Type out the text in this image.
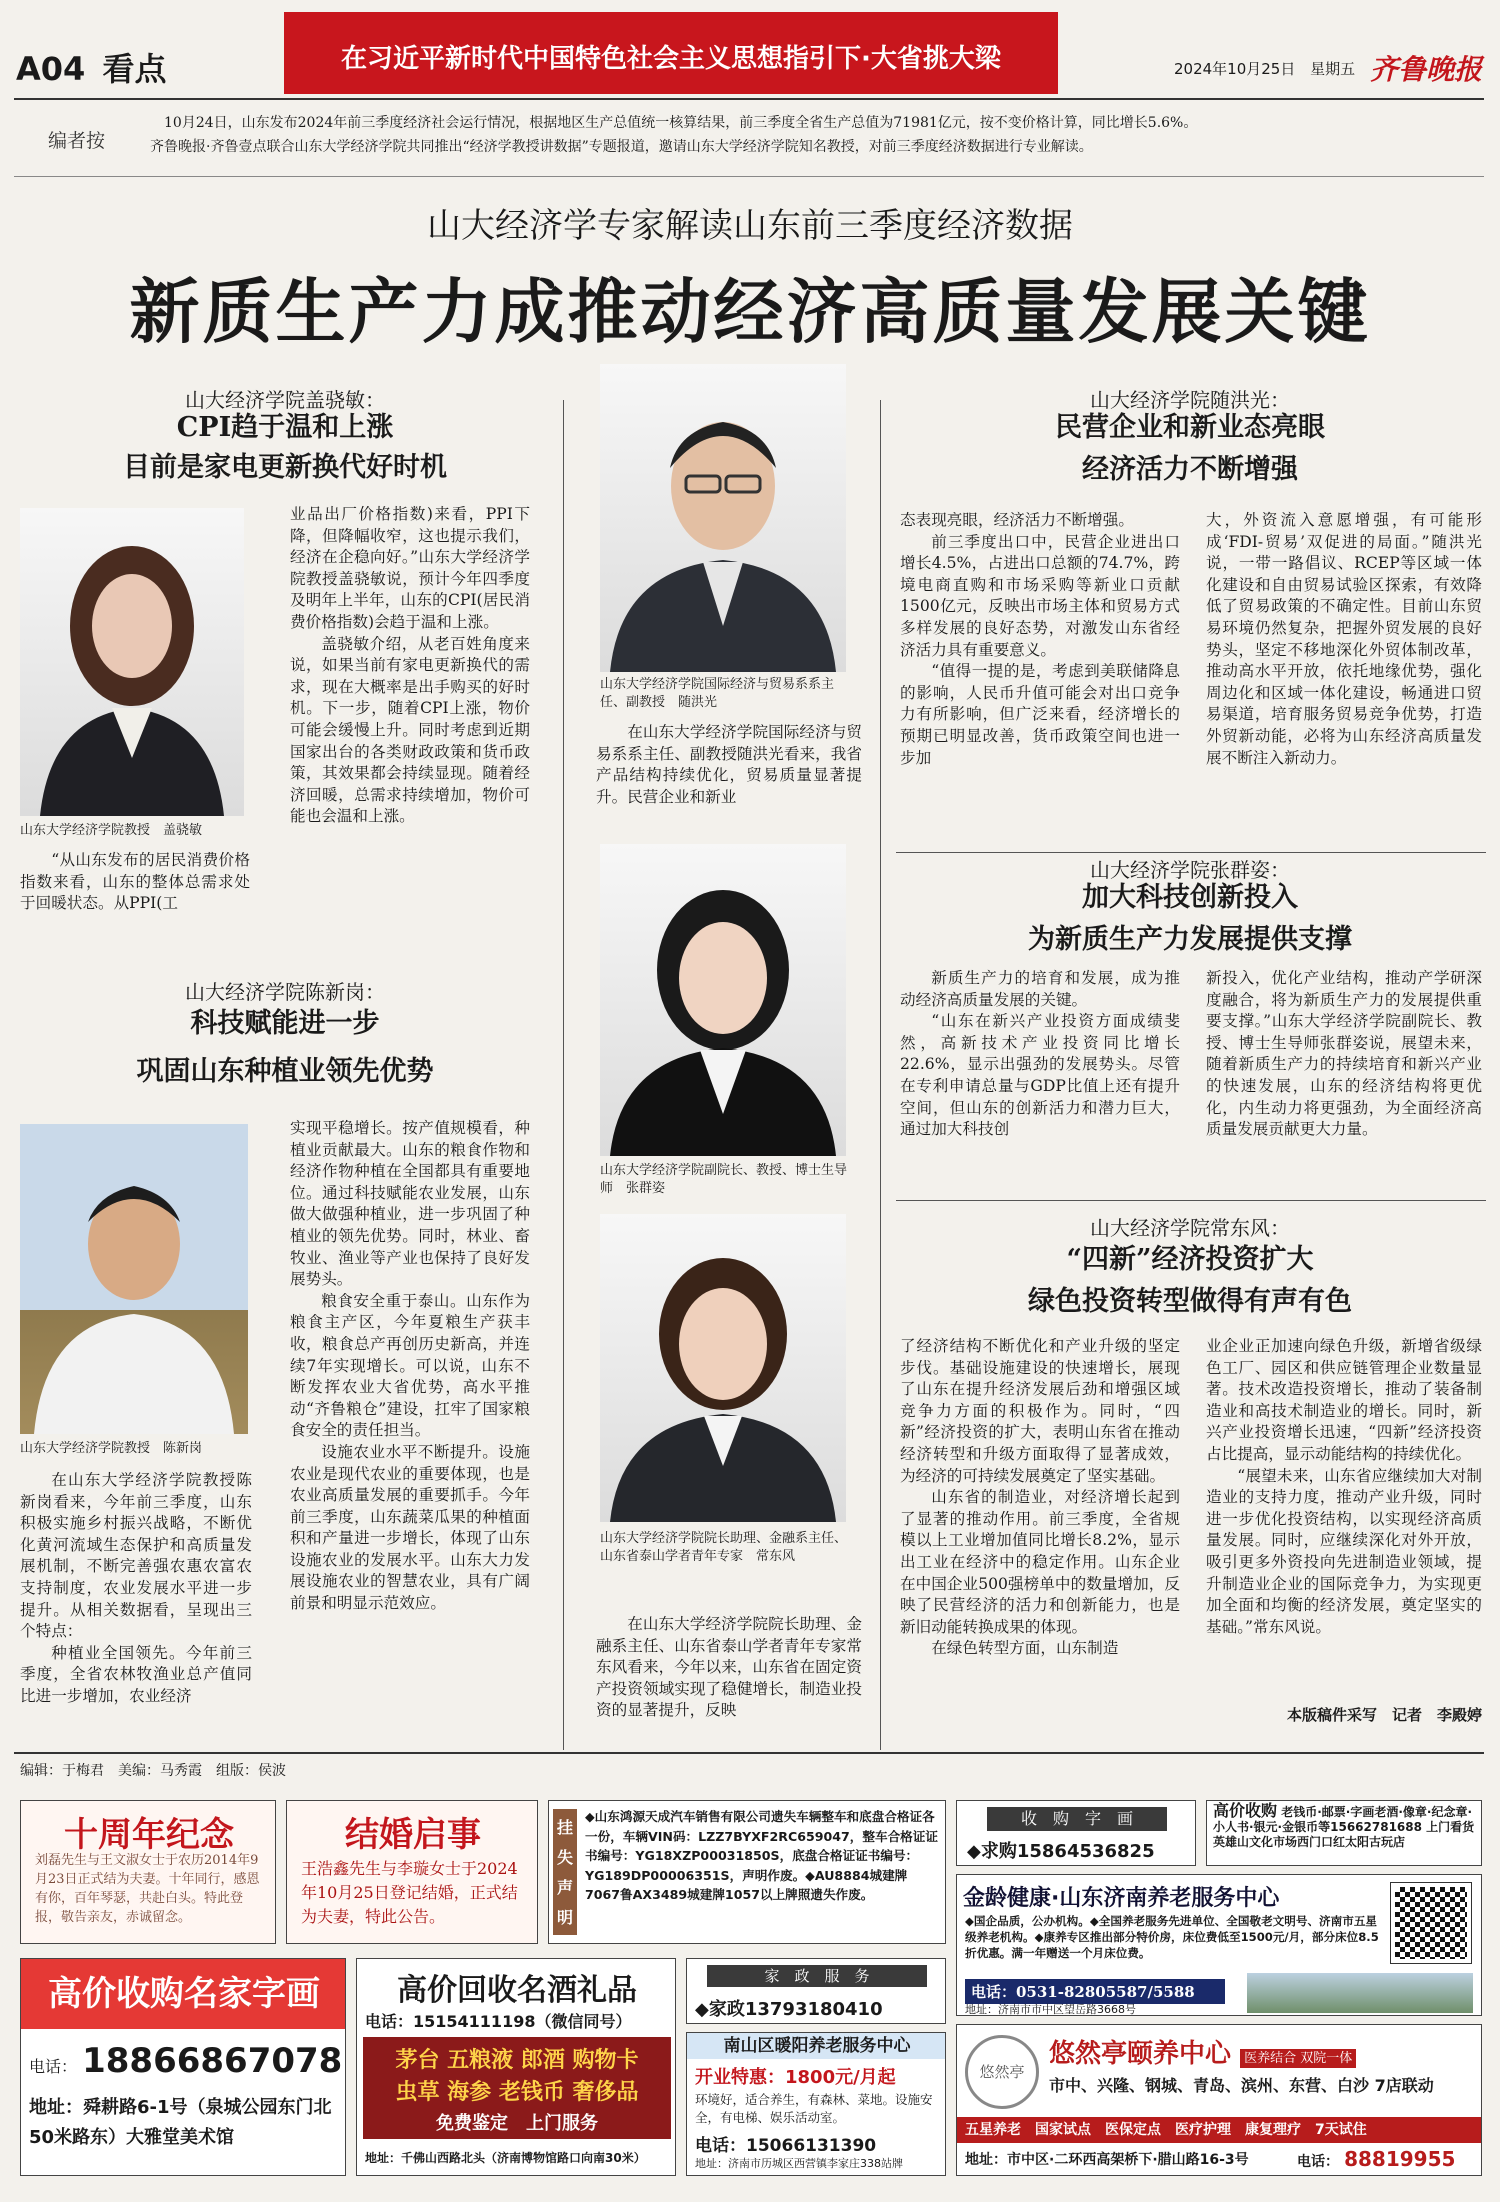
A04 看点	在习近平新时代中国特色社会主义思想指引下·大省挑大梁	2024年10月25日 星期五 齐鲁晚报
编者按
10月24日，山东发布2024年前三季度经济社会运行情况，根据地区生产总值统一核算结果，前三季度全省生产总值为71981亿元，按不变价格计算，同比增长5.6%。
齐鲁晚报·齐鲁壹点联合山东大学经济学院共同推出“经济学教授讲数据”专题报道，邀请山东大学经济学院知名教授，对前三季度经济数据进行专业解读。
山大经济学专家解读山东前三季度经济数据
新质生产力成推动经济高质量发展关键
山大经济学院盖骁敏：
CPI趋于温和上涨
目前是家电更新换代好时机
山东大学经济学院教授　盖骁敏
“从山东发布的居民消费价格指数来看，山东的整体总需求处于回暖状态。从PPI(工

业品出厂价格指数)来看，PPI下降，但降幅收窄，这也提示我们，经济在企稳向好。”山东大学经济学院教授盖骁敏说，预计今年四季度及明年上半年，山东的CPI(居民消费价格指数)会趋于温和上涨。

盖骁敏介绍，从老百姓角度来说，如果当前有家电更新换代的需求，现在大概率是出手购买的好时机。下一步，随着CPI上涨，物价可能会缓慢上升。同时考虑到近期国家出台的各类财政政策和货币政策，其效果都会持续显现。随着经济回暖，总需求持续增加，物价可能也会温和上涨。

山大经济学院陈新岗：
科技赋能进一步
巩固山东种植业领先优势
山东大学经济学院教授　陈新岗

在山东大学经济学院教授陈新岗看来，今年前三季度，山东积极实施乡村振兴战略，不断优化黄河流域生态保护和高质量发展机制，不断完善强农惠农富农支持制度，农业发展水平进一步提升。从相关数据看，呈现出三个特点：

种植业全国领先。今年前三季度，全省农林牧渔业总产值同比进一步增加，农业经济

实现平稳增长。按产值规模看，种植业贡献最大。山东的粮食作物和经济作物种植在全国都具有重要地位。通过科技赋能农业发展，山东做大做强种植业，进一步巩固了种植业的领先优势。同时，林业、畜牧业、渔业等产业也保持了良好发展势头。

粮食安全重于泰山。山东作为粮食主产区，今年夏粮生产获丰收，粮食总产再创历史新高，并连续7年实现增长。可以说，山东不断发挥农业大省优势，高水平推动“齐鲁粮仓”建设，扛牢了国家粮食安全的责任担当。

设施农业水平不断提升。设施农业是现代农业的重要体现，也是农业高质量发展的重要抓手。今年前三季度，山东蔬菜瓜果的种植面积和产量进一步增长，体现了山东设施农业的发展水平。山东大力发展设施农业的智慧农业，具有广阔前景和明显示范效应。

山东大学经济学院国际经济与贸易系系主任、副教授　随洪光
在山东大学经济学院国际经济与贸易系系主任、副教授随洪光看来，我省产品结构持续优化，贸易质量显著提升。民营企业和新业
山东大学经济学院副院长、教授、博士生导师　张群姿
山东大学经济学院院长助理、金融系主任、山东省泰山学者青年专家　常东风
在山东大学经济学院院长助理、金融系主任、山东省泰山学者青年专家常东风看来，今年以来，山东省在固定资产投资领域实现了稳健增长，制造业投资的显著提升，反映
山大经济学院随洪光：
民营企业和新业态亮眼
经济活力不断增强

态表现亮眼，经济活力不断增强。

前三季度出口中，民营企业进出口增长4.5%，占进出口总额的74.7%，跨境电商直购和市场采购等新业口贡献1500亿元，反映出市场主体和贸易方式多样发展的良好态势，对激发山东省经济活力具有重要意义。

“值得一提的是，考虑到美联储降息的影响，人民币升值可能会对出口竞争力有所影响，但广泛来看，经济增长的预期已明显改善，货币政策空间也进一步加

大，外资流入意愿增强，有可能形成‘FDI-贸易’双促进的局面。”随洪光说，一带一路倡议、RCEP等区域一体化建设和自由贸易试验区探索，有效降低了贸易政策的不确定性。目前山东贸易环境仍然复杂，把握外贸发展的良好势头，坚定不移地深化外贸体制改革，推动高水平开放，依托地缘优势，强化周边化和区域一体化建设，畅通进口贸易渠道，培育服务贸易竞争优势，打造外贸新动能，必将为山东经济高质量发展不断注入新动力。
山大经济学院张群姿：
加大科技创新投入
为新质生产力发展提供支撑

新质生产力的培育和发展，成为推动经济高质量发展的关键。

“山东在新兴产业投资方面成绩斐然，高新技术产业投资同比增长22.6%，显示出强劲的发展势头。尽管在专利申请总量与GDP比值上还有提升空间，但山东的创新活力和潜力巨大，通过加大科技创

新投入，优化产业结构，推动产学研深度融合，将为新质生产力的发展提供重要支撑。”山东大学经济学院副院长、教授、博士生导师张群姿说，展望未来，随着新质生产力的持续培育和新兴产业的快速发展，山东的经济结构将更优化，内生动力将更强劲，为全面经济高质量发展贡献更大力量。
山大经济学院常东风：
“四新”经济投资扩大
绿色投资转型做得有声有色

了经济结构不断优化和产业升级的坚定步伐。基础设施建设的快速增长，展现了山东在提升经济发展后劲和增强区域竞争力方面的积极作为。同时，“四新”经济投资的扩大，表明山东省在推动经济转型和升级方面取得了显著成效，为经济的可持续发展奠定了坚实基础。

山东省的制造业，对经济增长起到了显著的推动作用。前三季度，全省规模以上工业增加值同比增长8.2%，显示出工业在经济中的稳定作用。山东企业在中国企业500强榜单中的数量增加，反映了民营经济的活力和创新能力，也是新旧动能转换成果的体现。

在绿色转型方面，山东制造

业企业正加速向绿色升级，新增省级绿色工厂、园区和供应链管理企业数量显著。技术改造投资增长，推动了装备制造业和高技术制造业的增长。同时，新兴产业投资增长迅速，“四新”经济投资占比提高，显示动能结构的持续优化。

“展望未来，山东省应继续加大对制造业的支持力度，推动产业升级，同时进一步优化投资结构，以实现经济高质量发展。同时，应继续深化对外开放，吸引更多外资投向先进制造业领域，提升制造业企业的国际竞争力，为实现更加全面和均衡的经济发展，奠定坚实的基础。”常东风说。

本版稿件采写　记者　李殿婷
编辑：于梅君　美编：马秀霞　组版：侯波
十周年纪念
刘磊先生与王文淑女士于农历2014年9月23日正式结为夫妻。十年同行，感恩有你，百年琴瑟，共赴白头。特此登报，敬告亲友，赤诚留念。
结婚启事
王浩鑫先生与李璇女士于2024年10月25日登记结婚，正式结为夫妻，特此公告。
挂失声明
◆山东鸿源天成汽车销售有限公司遗失车辆整车和底盘合格证各一份，车辆VIN码：LZZ7BYXF2RC659047，整车合格证证书编号：YG18XZP00031850S，底盘合格证证书编号：YG189DP00006351S，声明作废。◆AU8884城建牌7067鲁AX3489城建牌1057以上牌照遗失作废。
收　购　字　画
◆求购15864536825
高价收购 老钱币·邮票·字画老酒·像章·纪念章·小人书·银元·金银币等15662781688 上门看货 英雄山文化市场西门口红太阳古玩店
金龄健康·山东济南养老服务中心
◆国企品质，公办机构。◆全国养老服务先进单位、全国敬老文明号、济南市五星级养老机构。◆康养专区推出部分特价房，床位费低至1500元/月，部分床位8.5折优惠。满一年赠送一个月床位费。
电话：0531-82805587/5588
地址：济南市市中区望岳路3668号
高价收购名家字画
电话： 18866867078
地址：舜耕路6-1号（泉城公园东门北50米路东）大雅堂美术馆
高价回收名酒礼品
电话：15154111198（微信同号）
茅台 五粮液 郎酒 购物卡
虫草 海参 老钱币 奢侈品
免费鉴定　上门服务
地址：千佛山西路北头（济南博物馆路口向南30米）
家　政　服　务
◆家政13793180410
南山区暖阳养老服务中心
开业特惠：1800元/月起
环境好，适合养生，有森林、菜地。设施安全，有电梯、娱乐活动室。
电话：15066131390
地址：济南市历城区西营镇李家庄338站牌
悠然亭
悠然亭颐养中心 医养结合 双院一体
市中、兴隆、钢城、青岛、滨州、东营、白沙 7店联动
五星养老　国家试点　医保定点　医疗护理　康复理疗　7天试住
地址：市中区·二环西高架桥下·腊山路16-3号	电话： 88819955
